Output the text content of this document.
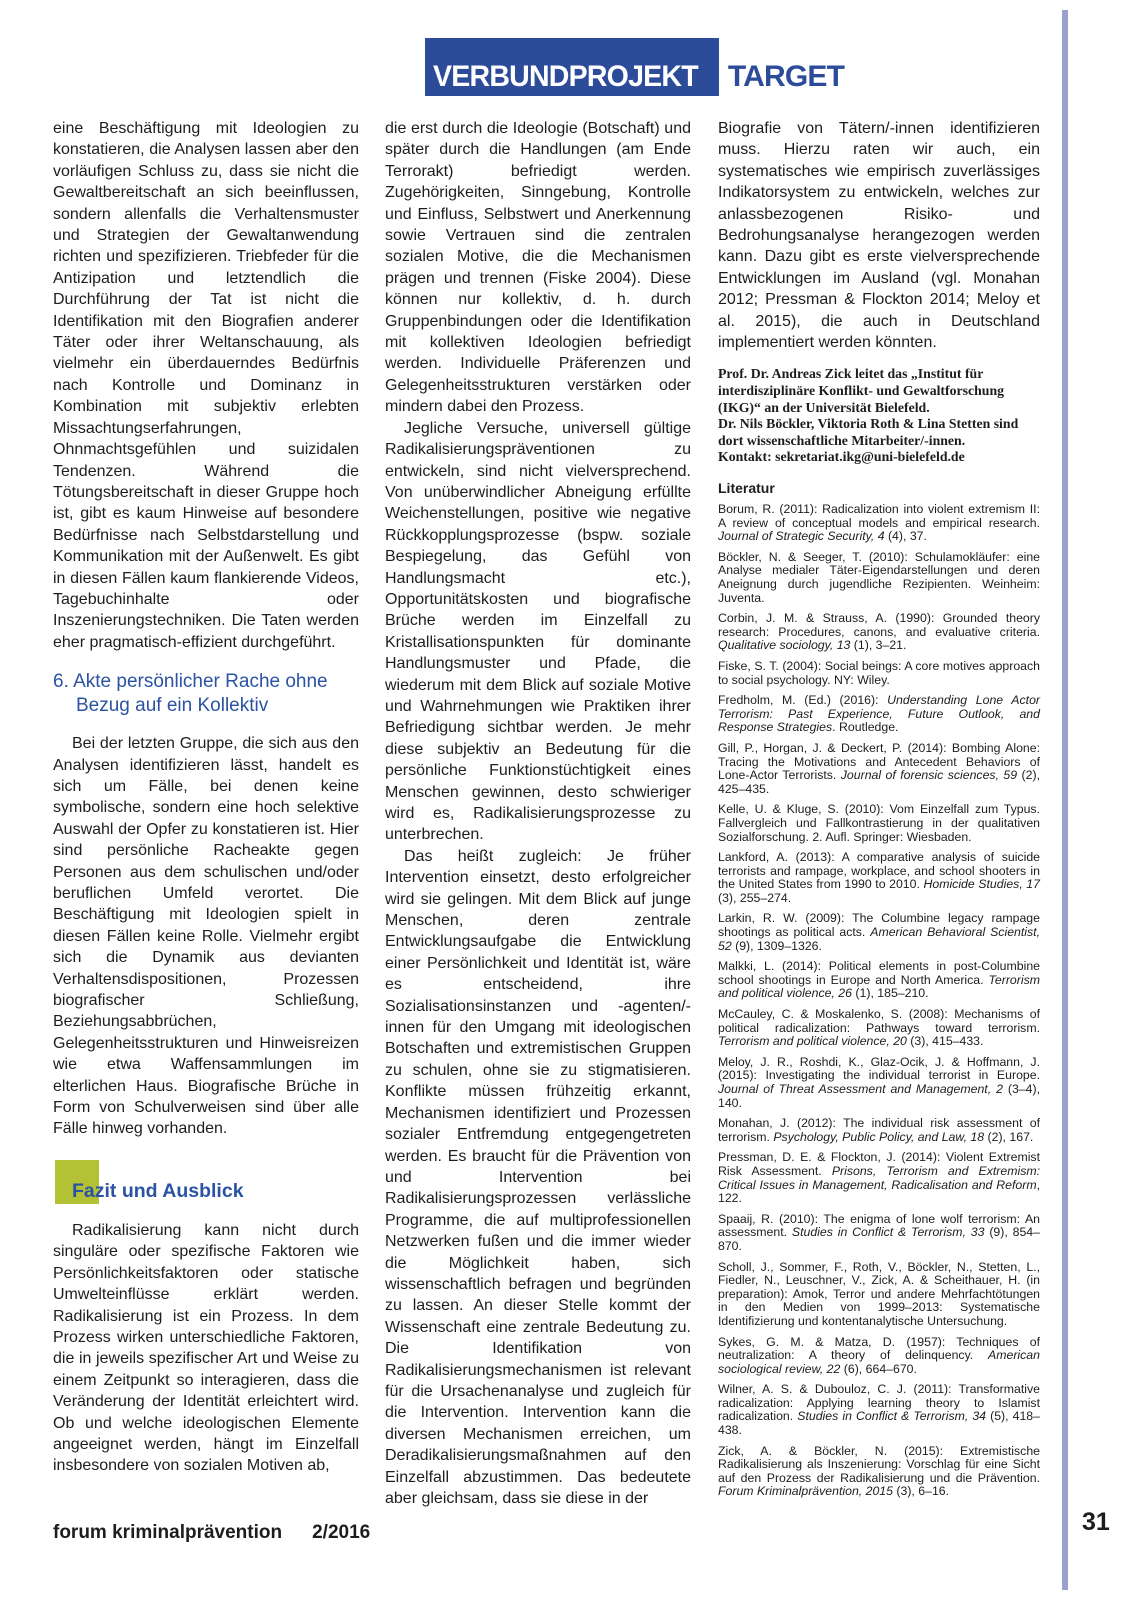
VERBUNDPROJEKT TARGET

eine Beschäftigung mit Ideologien zu konstatieren, die Analysen lassen aber den vorläufigen Schluss zu, dass sie nicht die Gewaltbereitschaft an sich beeinflussen, sondern allenfalls die Verhaltensmuster und Strategien der Gewaltanwendung richten und spezifizieren. Triebfeder für die Antizipation und letztendlich die Durchführung der Tat ist nicht die Identifikation mit den Biografien anderer Täter oder ihrer Weltanschauung, als vielmehr ein überdauerndes Bedürfnis nach Kontrolle und Dominanz in Kombination mit subjektiv erlebten Missachtungserfahrungen, Ohnmachtsgefühlen und suizidalen Tendenzen. Während die Tötungsbereitschaft in dieser Gruppe hoch ist, gibt es kaum Hinweise auf besondere Bedürfnisse nach Selbstdarstellung und Kommunikation mit der Außenwelt. Es gibt in diesen Fällen kaum flankierende Videos, Tagebuchinhalte oder Inszenierungstechniken. Die Taten werden eher pragmatisch-effizient durchgeführt.

6. Akte persönlicher Rache ohne Bezug auf ein Kollektiv

Bei der letzten Gruppe, die sich aus den Analysen identifizieren lässt, handelt es sich um Fälle, bei denen keine symbolische, sondern eine hoch selektive Auswahl der Opfer zu konstatieren ist. Hier sind persönliche Racheakte gegen Personen aus dem schulischen und/oder beruflichen Umfeld verortet. Die Beschäftigung mit Ideologien spielt in diesen Fällen keine Rolle. Vielmehr ergibt sich die Dynamik aus devianten Verhaltensdispositionen, Prozessen biografischer Schließung, Beziehungsabbrüchen, Gelegenheitsstrukturen und Hinweisreizen wie etwa Waffensammlungen im elterlichen Haus. Biografische Brüche in Form von Schulverweisen sind über alle Fälle hinweg vorhanden.

Fazit und Ausblick

Radikalisierung kann nicht durch singuläre oder spezifische Faktoren wie Persönlichkeitsfaktoren oder statische Umwelteinflüsse erklärt werden. Radikalisierung ist ein Prozess. In dem Prozess wirken unterschiedliche Faktoren, die in jeweils spezifischer Art und Weise zu einem Zeitpunkt so interagieren, dass die Veränderung der Identität erleichtert wird. Ob und welche ideologischen Elemente angeeignet werden, hängt im Einzelfall insbesondere von sozialen Motiven ab,

die erst durch die Ideologie (Botschaft) und später durch die Handlungen (am Ende Terrorakt) befriedigt werden. Zugehörigkeiten, Sinngebung, Kontrolle und Einfluss, Selbstwert und Anerkennung sowie Vertrauen sind die zentralen sozialen Motive, die die Mechanismen prägen und trennen (Fiske 2004). Diese können nur kollektiv, d. h. durch Gruppenbindungen oder die Identifikation mit kollektiven Ideologien befriedigt werden. Individuelle Präferenzen und Gelegenheitsstrukturen verstärken oder mindern dabei den Prozess.

Jegliche Versuche, universell gültige Radikalisierungspräventionen zu entwickeln, sind nicht vielversprechend. Von unüberwindlicher Abneigung erfüllte Weichenstellungen, positive wie negative Rückkopplungsprozesse (bspw. soziale Bespiegelung, das Gefühl von Handlungsmacht etc.), Opportunitätskosten und biografische Brüche werden im Einzelfall zu Kristallisationspunkten für dominante Handlungsmuster und Pfade, die wiederum mit dem Blick auf soziale Motive und Wahrnehmungen wie Praktiken ihrer Befriedigung sichtbar werden. Je mehr diese subjektiv an Bedeutung für die persönliche Funktionstüchtigkeit eines Menschen gewinnen, desto schwieriger wird es, Radikalisierungsprozesse zu unterbrechen.

Das heißt zugleich: Je früher Intervention einsetzt, desto erfolgreicher wird sie gelingen. Mit dem Blick auf junge Menschen, deren zentrale Entwicklungsaufgabe die Entwicklung einer Persönlichkeit und Identität ist, wäre es entscheidend, ihre Sozialisationsinstanzen und -agenten/-innen für den Umgang mit ideologischen Botschaften und extremistischen Gruppen zu schulen, ohne sie zu stigmatisieren. Konflikte müssen frühzeitig erkannt, Mechanismen identifiziert und Prozessen sozialer Entfremdung entgegengetreten werden. Es braucht für die Prävention von und Intervention bei Radikalisierungsprozessen verlässliche Programme, die auf multiprofessionellen Netzwerken fußen und die immer wieder die Möglichkeit haben, sich wissenschaftlich befragen und begründen zu lassen. An dieser Stelle kommt der Wissenschaft eine zentrale Bedeutung zu. Die Identifikation von Radikalisierungsmechanismen ist relevant für die Ursachenanalyse und zugleich für die Intervention. Intervention kann die diversen Mechanismen erreichen, um Deradikalisierungsmaßnahmen auf den Einzelfall abzustimmen. Das bedeutete aber gleichsam, dass sie diese in der

Biografie von Tätern/-innen identifizieren muss. Hierzu raten wir auch, ein systematisches wie empirisch zuverlässiges Indikatorsystem zu entwickeln, welches zur anlassbezogenen Risiko- und Bedrohungsanalyse herangezogen werden kann. Dazu gibt es erste vielversprechende Entwicklungen im Ausland (vgl. Monahan 2012; Pressman & Flockton 2014; Meloy et al. 2015), die auch in Deutschland implementiert werden könnten.

Prof. Dr. Andreas Zick leitet das „Institut für interdisziplinäre Konflikt- und Gewaltforschung (IKG)“ an der Universität Bielefeld.

Dr. Nils Böckler, Viktoria Roth & Lina Stetten sind dort wissenschaftliche Mitarbeiter/-innen.

Kontakt: sekretariat.ikg@uni-bielefeld.de

Literatur

Borum, R. (2011): Radicalization into violent extremism II: A review of conceptual models and empirical research. Journal of Strategic Security, 4 (4), 37.

Böckler, N. & Seeger, T. (2010): Schulamokläufer: eine Analyse medialer Täter-Eigendarstellungen und deren Aneignung durch jugendliche Rezipienten. Weinheim: Juventa.

Corbin, J. M. & Strauss, A. (1990): Grounded theory research: Procedures, canons, and evaluative criteria. Qualitative sociology, 13 (1), 3–21.

Fiske, S. T. (2004): Social beings: A core motives approach to social psychology. NY: Wiley.

Fredholm, M. (Ed.) (2016): Understanding Lone Actor Terrorism: Past Experience, Future Outlook, and Response Strategies. Routledge.

Gill, P., Horgan, J. & Deckert, P. (2014): Bombing Alone: Tracing the Motivations and Antecedent Behaviors of Lone-Actor Terrorists. Journal of forensic sciences, 59 (2), 425–435.

Kelle, U. & Kluge, S. (2010): Vom Einzelfall zum Typus. Fallvergleich und Fallkontrastierung in der qualitativen Sozialforschung. 2. Aufl. Springer: Wiesbaden.

Lankford, A. (2013): A comparative analysis of suicide terrorists and rampage, workplace, and school shooters in the United States from 1990 to 2010. Homicide Studies, 17 (3), 255–274.

Larkin, R. W. (2009): The Columbine legacy rampage shootings as political acts. American Behavioral Scientist, 52 (9), 1309–1326.

Malkki, L. (2014): Political elements in post-Columbine school shootings in Europe and North America. Terrorism and political violence, 26 (1), 185–210.

McCauley, C. & Moskalenko, S. (2008): Mechanisms of political radicalization: Pathways toward terrorism. Terrorism and political violence, 20 (3), 415–433.

Meloy, J. R., Roshdi, K., Glaz-Ocik, J. & Hoffmann, J. (2015): Investigating the individual terrorist in Europe. Journal of Threat Assessment and Management, 2 (3–4), 140.

Monahan, J. (2012): The individual risk assessment of terrorism. Psychology, Public Policy, and Law, 18 (2), 167.

Pressman, D. E. & Flockton, J. (2014): Violent Extremist Risk Assessment. Prisons, Terrorism and Extremism: Critical Issues in Management, Radicalisation and Reform, 122.

Spaaij, R. (2010): The enigma of lone wolf terrorism: An assessment. Studies in Conflict & Terrorism, 33 (9), 854–870.

Scholl, J., Sommer, F., Roth, V., Böckler, N., Stetten, L., Fiedler, N., Leuschner, V., Zick, A. & Scheithauer, H. (in preparation): Amok, Terror und andere Mehrfachtötungen in den Medien von 1999–2013: Systematische Identifizierung und kontentanalytische Untersuchung.

Sykes, G. M. & Matza, D. (1957): Techniques of neutralization: A theory of delinquency. American sociological review, 22 (6), 664–670.

Wilner, A. S. & Dubouloz, C. J. (2011): Transformative radicalization: Applying learning theory to Islamist radicalization. Studies in Conflict & Terrorism, 34 (5), 418–438.

Zick, A. & Böckler, N. (2015): Extremistische Radikalisierung als Inszenierung: Vorschlag für eine Sicht auf den Prozess der Radikalisierung und die Prävention. Forum Kriminalprävention, 2015 (3), 6–16.

forum kriminalprävention 2/2016	31
